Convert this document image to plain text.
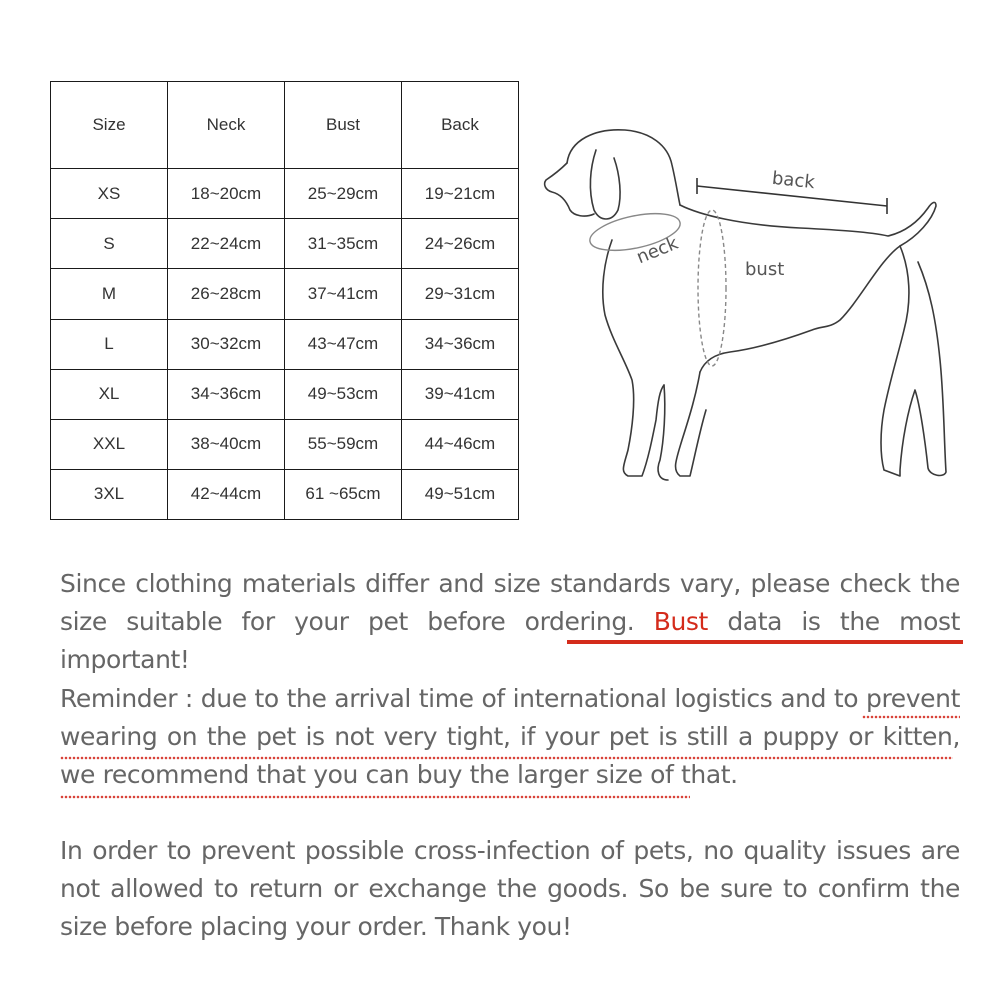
Size	Neck	Bust	Back
XS	18~20cm	25~29cm	19~21cm
S	22~24cm	31~35cm	24~26cm
M	26~28cm	37~41cm	29~31cm
L	30~32cm	43~47cm	34~36cm
XL	34~36cm	49~53cm	39~41cm
XXL	38~40cm	55~59cm	44~46cm
3XL	42~44cm	61 ~65cm	49~51cm
back
neck
bust

Since clothing materials differ and size standards vary, please check the size suitable for your pet before ordering. Bust data is the most important!

Reminder : due to the arrival time of international logistics and to prevent wearing on the pet is not very tight, if your pet is still a puppy or kitten, we recommend that you can buy the larger size of that.

In order to prevent possible cross-infection of pets, no quality issues are not allowed to return or exchange the goods. So be sure to confirm the size before placing your order. Thank you!
